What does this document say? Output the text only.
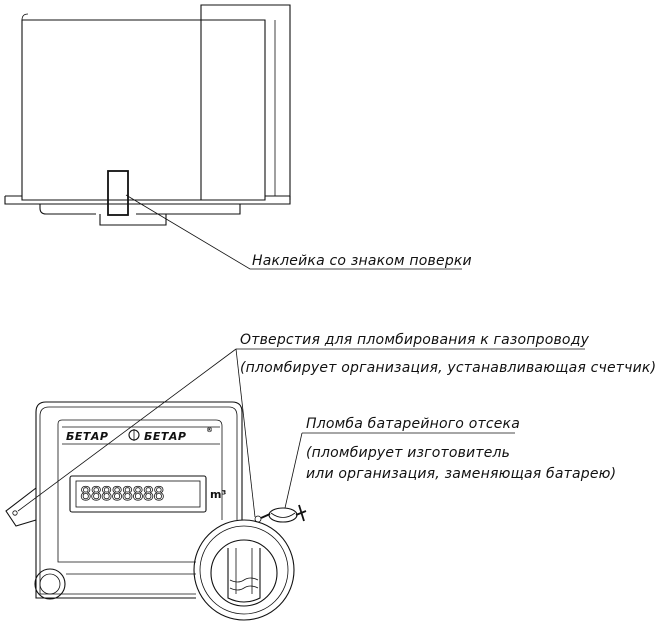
Наклейка со знаком поверки
БЕТАР	БЕТАР	®
88888888	m³
Отверстия для пломбирования к газопроводу
(пломбирует организация, устанавливающая счетчик)
Пломба батарейного отсека
(пломбирует изготовитель
или организация, заменяющая батарею)
